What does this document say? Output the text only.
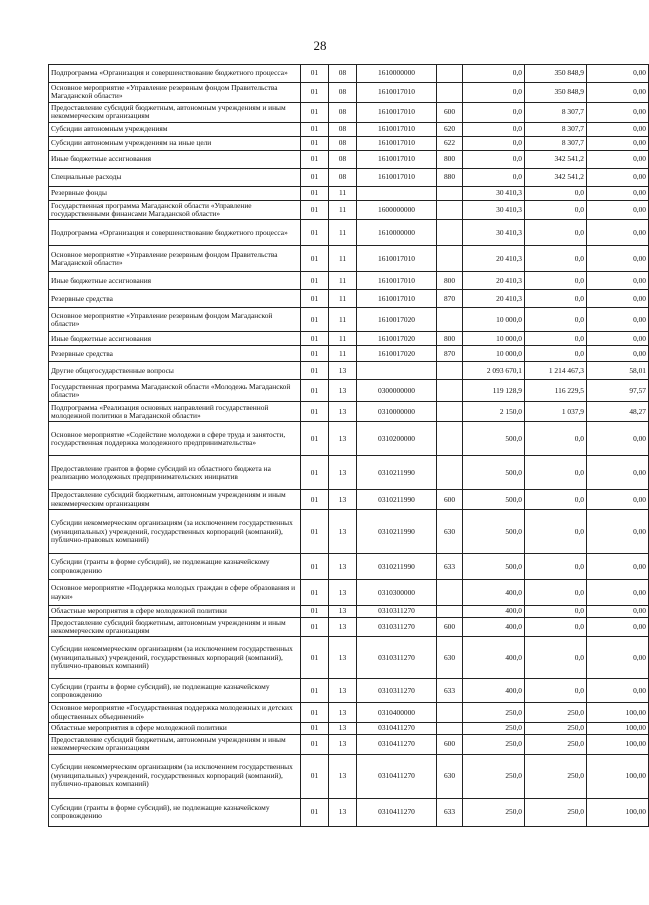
28
Подпрограмма «Организация и совершенствование бюджетного процесса»	01	08	1610000000		0,0	350 848,9	0,00
Основное мероприятие «Управление резервным фондом Правительства Магаданской области»	01	08	1610017010		0,0	350 848,9	0,00
Предоставление субсидий бюджетным, автономным учреждениям и иным некоммерческим организациям	01	08	1610017010	600	0,0	8 307,7	0,00
Субсидии автономным учреждениям	01	08	1610017010	620	0,0	8 307,7	0,00
Субсидии автономным учреждениям на иные цели	01	08	1610017010	622	0,0	8 307,7	0,00
Иные бюджетные ассигнования	01	08	1610017010	800	0,0	342 541,2	0,00
Специальные расходы	01	08	1610017010	880	0,0	342 541,2	0,00
Резервные фонды	01	11			30 410,3	0,0	0,00
Государственная программа Магаданской области «Управление государственными финансами Магаданской области»	01	11	1600000000		30 410,3	0,0	0,00
Подпрограмма «Организация и совершенствование бюджетного процесса»	01	11	1610000000		30 410,3	0,0	0,00
Основное мероприятие «Управление резервным фондом Правительства Магаданской области»	01	11	1610017010		20 410,3	0,0	0,00
Иные бюджетные ассигнования	01	11	1610017010	800	20 410,3	0,0	0,00
Резервные средства	01	11	1610017010	870	20 410,3	0,0	0,00
Основное мероприятие «Управление резервным фондом Магаданской области»	01	11	1610017020		10 000,0	0,0	0,00
Иные бюджетные ассигнования	01	11	1610017020	800	10 000,0	0,0	0,00
Резервные средства	01	11	1610017020	870	10 000,0	0,0	0,00
Другие общегосударственные вопросы	01	13			2 093 670,1	1 214 467,3	58,01
Государственная программа Магаданской области «Молодежь Магаданской области»	01	13	0300000000		119 128,9	116 229,5	97,57
Подпрограмма «Реализация основных направлений государственной молодежной политики в Магаданской области»	01	13	0310000000		2 150,0	1 037,9	48,27
Основное мероприятие «Содействие молодежи в сфере труда и занятости, государственная поддержка молодежного предпринимательства»	01	13	0310200000		500,0	0,0	0,00
Предоставление грантов в форме субсидий из областного бюджета на реализацию молодежных предпринимательских инициатив	01	13	0310211990		500,0	0,0	0,00
Предоставление субсидий бюджетным, автономным учреждениям и иным некоммерческим организациям	01	13	0310211990	600	500,0	0,0	0,00
Субсидии некоммерческим организациям (за исключением государственных (муниципальных) учреждений, государственных корпораций (компаний), публично-правовых компаний)	01	13	0310211990	630	500,0	0,0	0,00
Субсидии (гранты в форме субсидий), не подлежащие казначейскому сопровождению	01	13	0310211990	633	500,0	0,0	0,00
Основное мероприятие «Поддержка молодых граждан в сфере образования и науки»	01	13	0310300000		400,0	0,0	0,00
Областные мероприятия в сфере молодежной политики	01	13	0310311270		400,0	0,0	0,00
Предоставление субсидий бюджетным, автономным учреждениям и иным некоммерческим организациям	01	13	0310311270	600	400,0	0,0	0,00
Субсидии некоммерческим организациям (за исключением государственных (муниципальных) учреждений, государственных корпораций (компаний), публично-правовых компаний)	01	13	0310311270	630	400,0	0,0	0,00
Субсидии (гранты в форме субсидий), не подлежащие казначейскому сопровождению	01	13	0310311270	633	400,0	0,0	0,00
Основное мероприятие «Государственная поддержка молодежных и детских общественных объединений»	01	13	0310400000		250,0	250,0	100,00
Областные мероприятия в сфере молодежной политики	01	13	0310411270		250,0	250,0	100,00
Предоставление субсидий бюджетным, автономным учреждениям и иным некоммерческим организациям	01	13	0310411270	600	250,0	250,0	100,00
Субсидии некоммерческим организациям (за исключением государственных (муниципальных) учреждений, государственных корпораций (компаний), публично-правовых компаний)	01	13	0310411270	630	250,0	250,0	100,00
Субсидии (гранты в форме субсидий), не подлежащие казначейскому сопровождению	01	13	0310411270	633	250,0	250,0	100,00
